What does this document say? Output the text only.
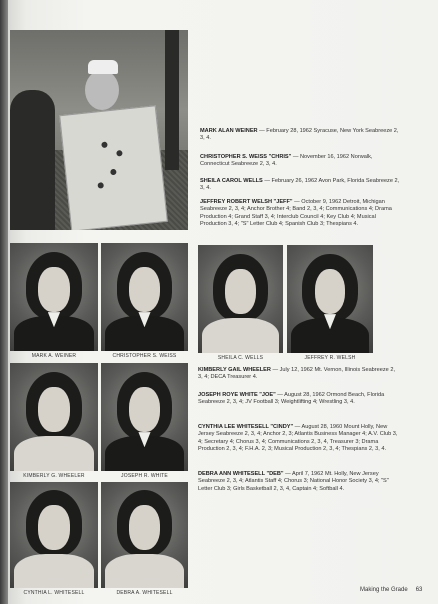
MARK A. WEINER	CHRISTOPHER S. WEISS	SHEILA C. WELLS	JEFFREY R. WELSH
KIMBERLY G. WHEELER	JOSEPH R. WHITE
CYNTHIA L. WHITESELL	DEBRA A. WHITESELL
MARK ALAN WEINER — February 28, 1962 Syracuse, New York Seabreeze 2, 3, 4.
CHRISTOPHER S. WEISS "CHRIS" — November 16, 1962 Norwalk, Connecticut Seabreeze 2, 3, 4.
SHEILA CAROL WELLS — February 26, 1962 Avon Park, Florida Seabreeze 2, 3, 4.
JEFFREY ROBERT WELSH "JEFF" — October 9, 1962 Detroit, Michigan Seabreeze 2, 3, 4; Anchor Brother 4; Band 2, 3, 4; Communications 4; Drama Production 4; Grand Staff 3, 4; Interclub Council 4; Key Club 4; Musical Production 3, 4; "S" Letter Club 4; Spanish Club 3; Thespians 4.
KIMBERLY GAIL WHEELER — July 12, 1962 Mt. Vernon, Illinois Seabreeze 2, 3, 4; DECA Treasurer 4.
JOSEPH ROYE WHITE "JOE" — August 28, 1962 Ormond Beach, Florida Seabreeze 2, 3, 4; JV Football 3; Weightlifting 4; Wrestling 3, 4.
CYNTHIA LEE WHITESELL "CINDY" — August 28, 1960 Mount Holly, New Jersey Seabreeze 2, 3, 4; Anchor 2, 3; Atlantis Business Manager 4; A.V. Club 3, 4; Secretary 4; Chorus 3, 4; Communications 2, 3, 4, Treasurer 3; Drama Production 2, 3, 4; F.H.A. 2, 3; Musical Production 2, 3, 4; Thespians 2, 3, 4.
DEBRA ANN WHITESELL "DEB" — April 7, 1962 Mt. Holly, New Jersey Seabreeze 2, 3, 4; Atlantis Staff 4; Chorus 3; National Honor Society 3, 4; "S" Letter Club 3; Girls Basketball 2, 3, 4, Captain 4; Softball 4.
Making the Grade 63
